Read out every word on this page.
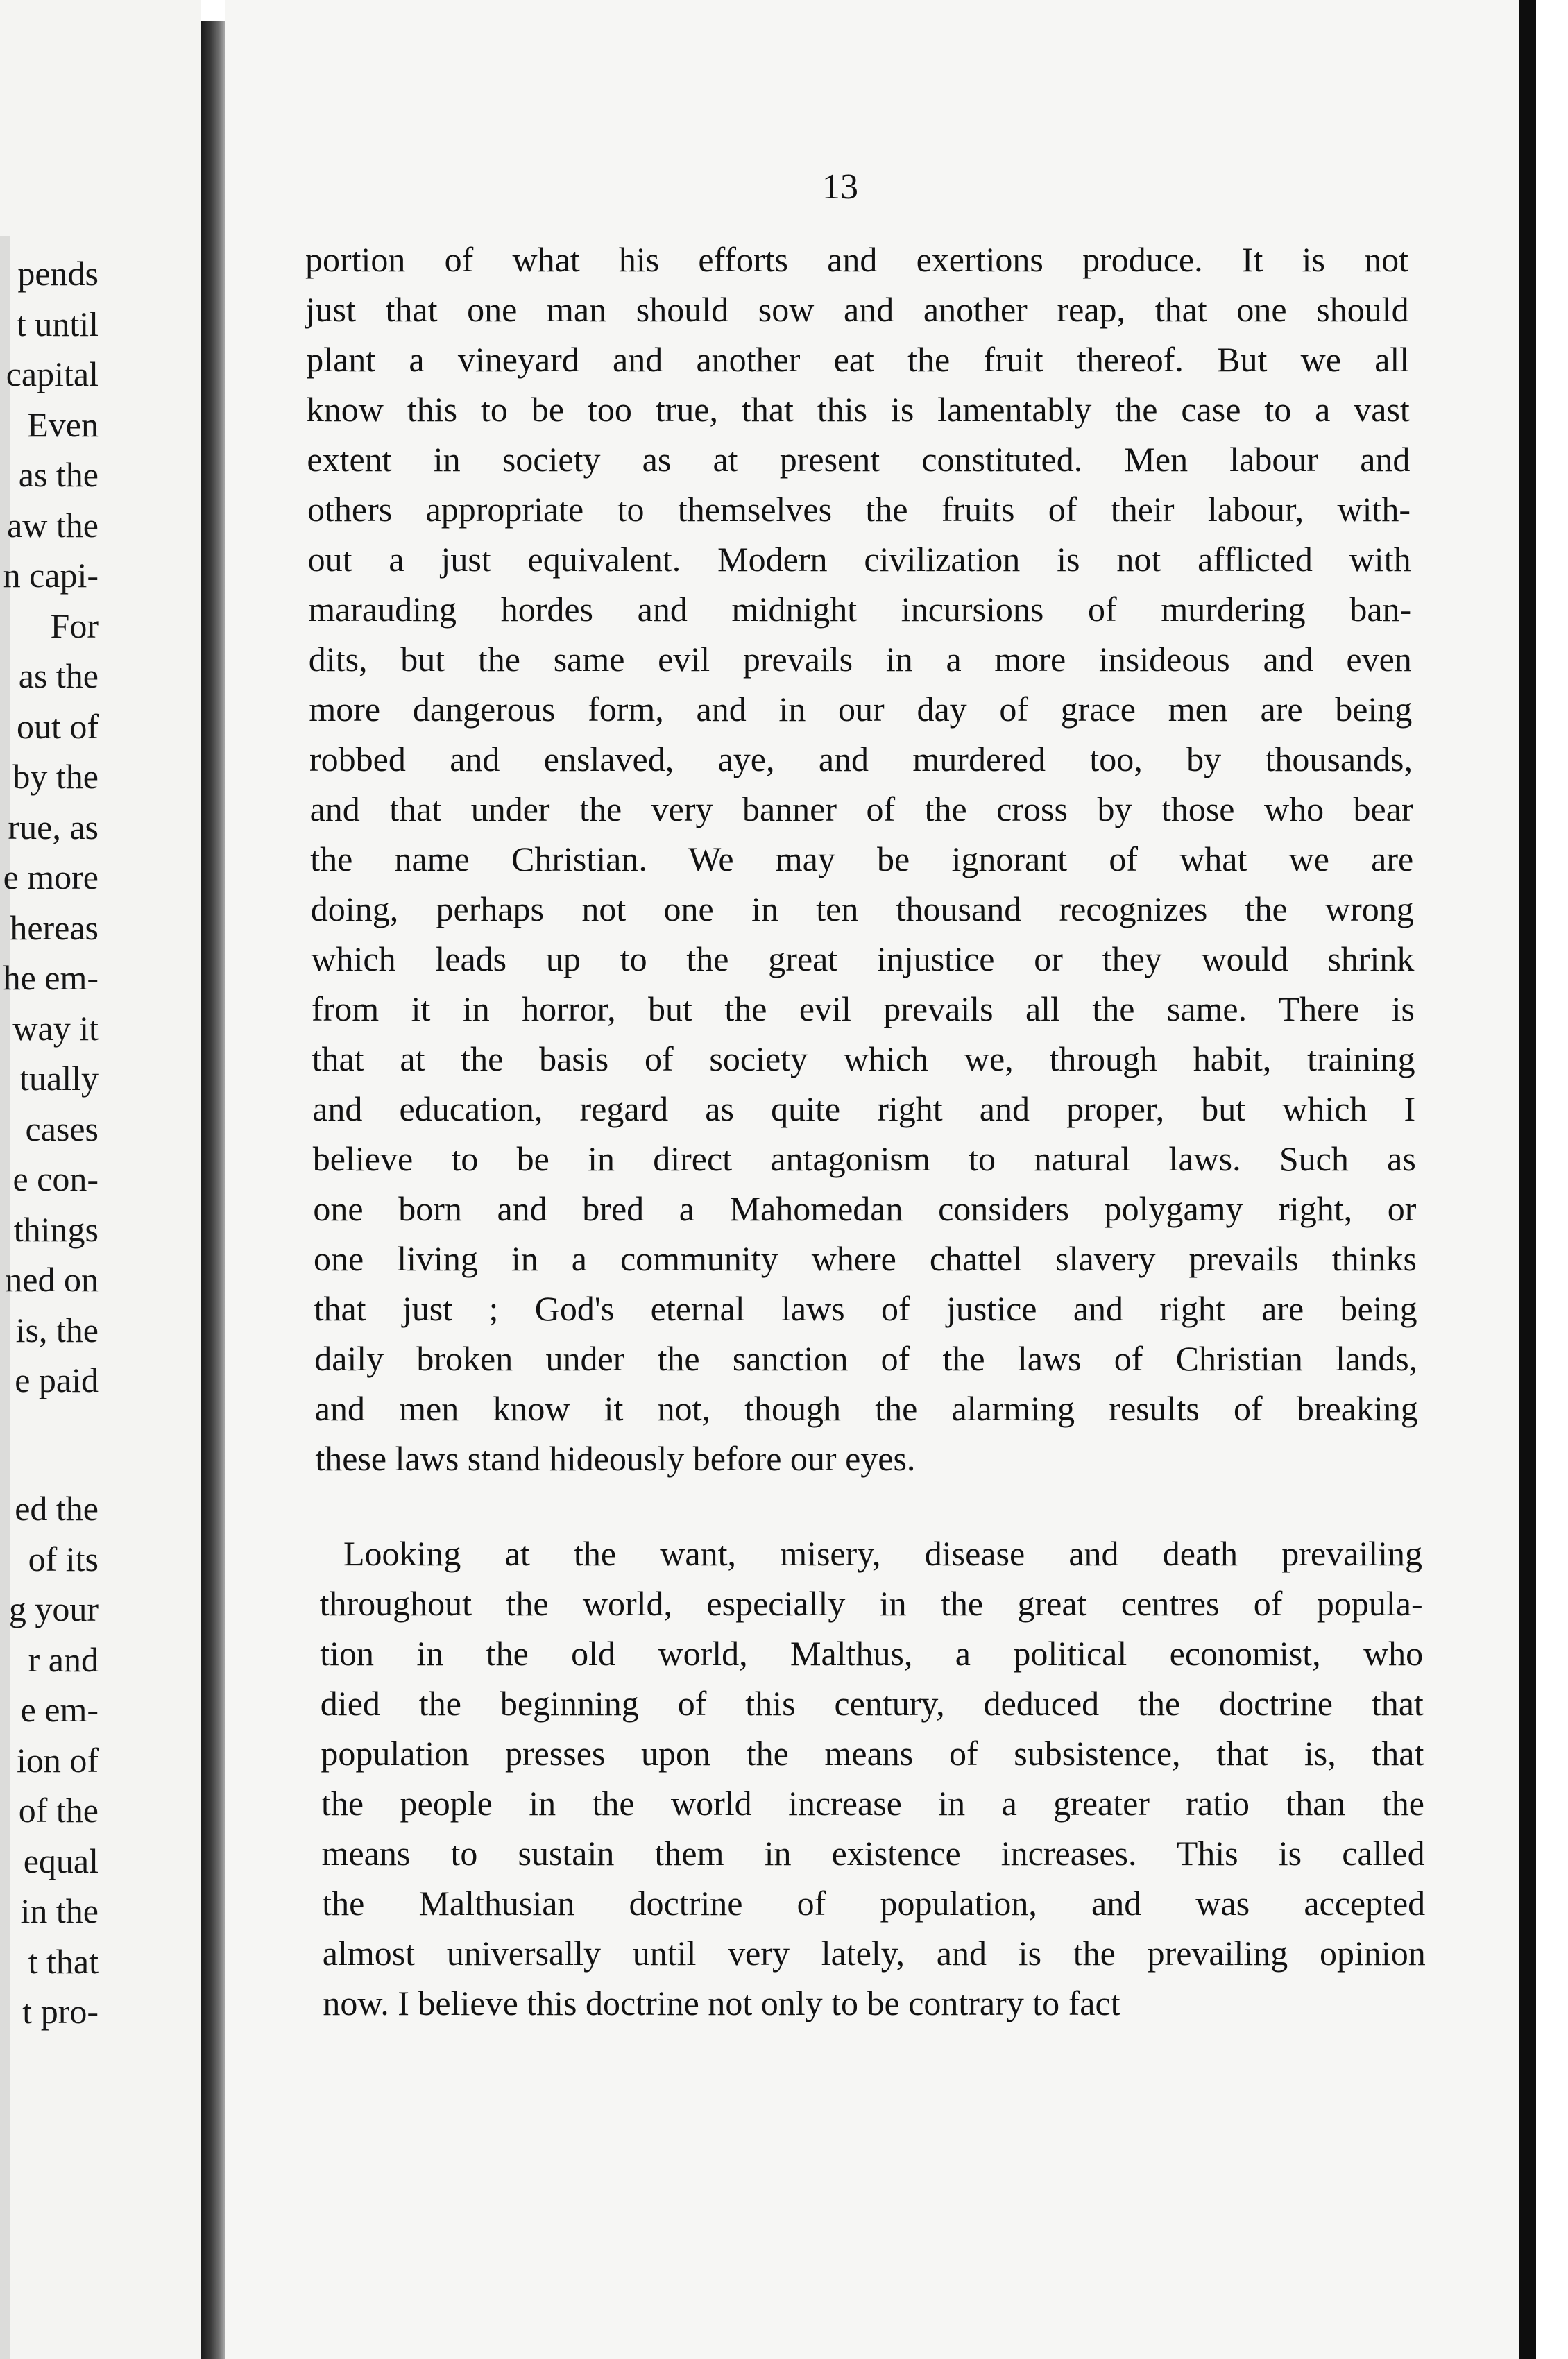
pends
t until
capital
Even
as the
aw the
n capi-
For
as the
out of
by the
rue, as
e more
hereas
he em-
way it
tually
cases
e con-
things
ned on
is, the
e paid
ed the
of its
g your
r and
e em-
ion of
of the
equal
in the
t that
t pro-
13
portion of what his efforts and exertions produce. It is not
just that one man should sow and another reap, that one should
plant a vineyard and another eat the fruit thereof. But we all
know this to be too true, that this is lamentably the case to a vast
extent in society as at present constituted. Men labour and
others appropriate to themselves the fruits of their labour, with-
out a just equivalent. Modern civilization is not afflicted with
marauding hordes and midnight incursions of murdering ban-
dits, but the same evil prevails in a more insideous and even
more dangerous form, and in our day of grace men are being
robbed and enslaved, aye, and murdered too, by thousands,
and that under the very banner of the cross by those who bear
the name Christian. We may be ignorant of what we are
doing, perhaps not one in ten thousand recognizes the wrong
which leads up to the great injustice or they would shrink
from it in horror, but the evil prevails all the same. There is
that at the basis of society which we, through habit, training
and education, regard as quite right and proper, but which I
believe to be in direct antagonism to natural laws. Such as
one born and bred a Mahomedan considers polygamy right, or
one living in a community where chattel slavery prevails thinks
that just ; God's eternal laws of justice and right are being
daily broken under the sanction of the laws of Christian lands,
and men know it not, though the alarming results of breaking
these laws stand hideously before our eyes.
Looking at the want, misery, disease and death prevailing
throughout the world, especially in the great centres of popula-
tion in the old world, Malthus, a political economist, who
died the beginning of this century, deduced the doctrine that
population presses upon the means of subsistence, that is, that
the people in the world increase in a greater ratio than the
means to sustain them in existence increases. This is called
the Malthusian doctrine of population, and was accepted
almost universally until very lately, and is the prevailing opinion
now. I believe this doctrine not only to be contrary to fact
